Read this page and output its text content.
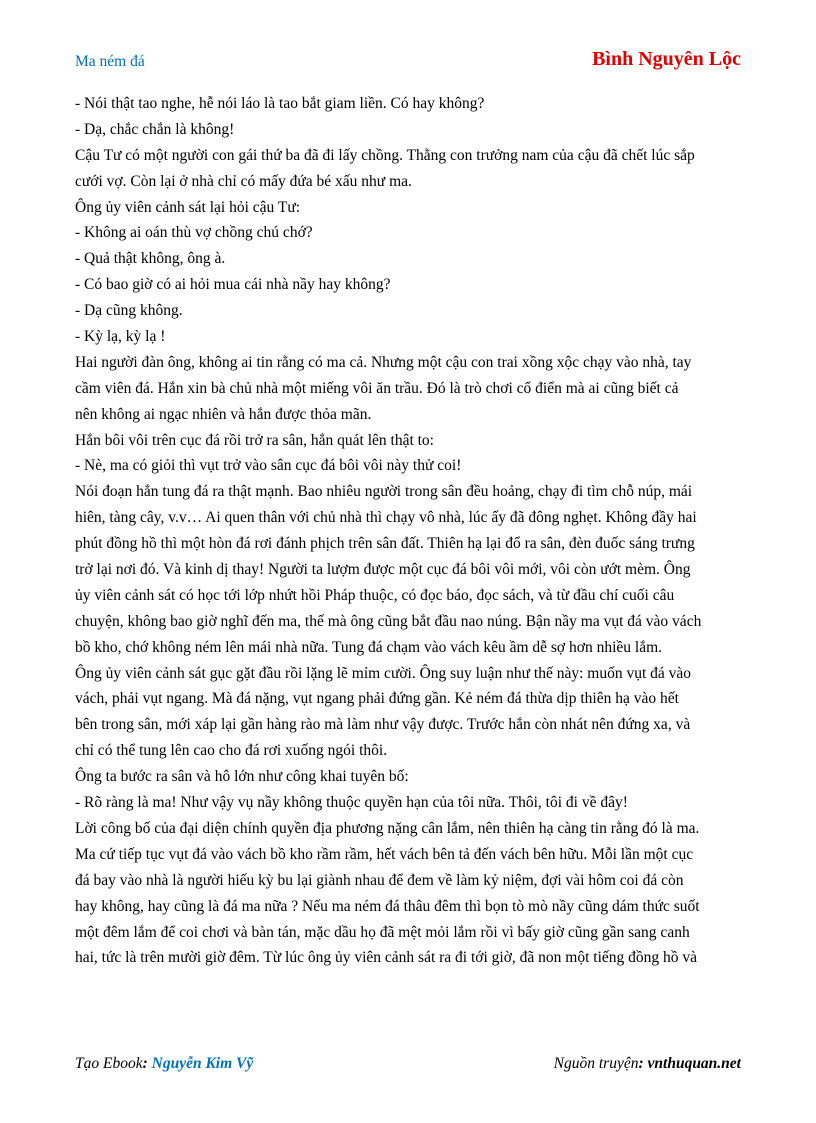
Ma ném đá	Bình Nguyên Lộc
- Nói thật tao nghe, hễ nói láo là tao bắt giam liền. Có hay không?
- Dạ, chắc chắn là không!
Cậu Tư có một người con gái thứ ba đã đi lấy chồng. Thằng con trưởng nam của cậu đã chết lúc sắp
cưới vợ. Còn lại ở nhà chỉ có mấy đứa bé xấu như ma.
Ông ủy viên cảnh sát lại hỏi cậu Tư:
- Không ai oán thù vợ chồng chú chớ?
- Quả thật không, ông à.
- Có bao giờ có ai hỏi mua cái nhà nầy hay không?
- Dạ cũng không.
- Kỳ lạ, kỳ lạ !
Hai người đàn ông, không ai tin rằng có ma cả. Nhưng một cậu con trai xồng xộc chạy vào nhà, tay
cầm viên đá. Hắn xin bà chủ nhà một miếng vôi ăn trầu. Đó là trò chơi cổ điển mà ai cũng biết cả
nên không ai ngạc nhiên và hắn được thỏa mãn.
Hắn bôi vôi trên cục đá rồi trở ra sân, hắn quát lên thật to:
- Nè, ma có giỏi thì vụt trở vào sân cục đá bôi vôi này thử coi!
Nói đoạn hắn tung đá ra thật mạnh. Bao nhiêu người trong sân đều hoảng, chạy đi tìm chỗ núp, mái
hiên, tàng cây, v.v… Ai quen thân với chủ nhà thì chạy vô nhà, lúc ấy đã đông nghẹt. Không đầy hai
phút đồng hồ thì một hòn đá rơi đánh phịch trên sân đất. Thiên hạ lại đổ ra sân, đèn đuốc sáng trưng
trở lại nơi đó. Và kinh dị thay! Người ta lượm được một cục đá bôi vôi mới, vôi còn ướt mèm. Ông
ủy viên cảnh sát có học tới lớp nhứt hồi Pháp thuộc, có đọc báo, đọc sách, và từ đầu chí cuối câu
chuyện, không bao giờ nghĩ đến ma, thế mà ông cũng bắt đầu nao núng. Bận nầy ma vụt đá vào vách
bồ kho, chớ không ném lên mái nhà nữa. Tung đá chạm vào vách kêu ầm dễ sợ hơn nhiều lắm.
Ông ủy viên cảnh sát gục gặt đầu rồi lặng lẽ mỉm cười. Ông suy luận như thế này: muốn vụt đá vào
vách, phải vụt ngang. Mà đá nặng, vụt ngang phải đứng gần. Kẻ ném đá thừa dịp thiên hạ vào hết
bên trong sân, mới xáp lại gần hàng rào mà làm như vậy được. Trước hắn còn nhát nên đứng xa, và
chỉ có thể tung lên cao cho đá rơi xuống ngói thôi.
Ông ta bước ra sân và hô lớn như công khai tuyên bố:
- Rõ ràng là ma! Như vậy vụ nầy không thuộc quyền hạn của tôi nữa. Thôi, tôi đi về đây!
Lời công bố của đại diện chính quyền địa phương nặng cân lắm, nên thiên hạ càng tin rằng đó là ma.
Ma cứ tiếp tục vụt đá vào vách bồ kho rầm rầm, hết vách bên tả đến vách bên hữu. Mỗi lần một cục
đá bay vào nhà là người hiếu kỳ bu lại giành nhau để đem về làm kỷ niệm, đợi vài hôm coi đá còn
hay không, hay cũng là đá ma nữa ? Nếu ma ném đá thâu đêm thì bọn tò mò nầy cũng dám thức suốt
một đêm lắm để coi chơi và bàn tán, mặc dầu họ đã mệt mỏi lắm rồi vì bấy giờ cũng gần sang canh
hai, tức là trên mười giờ đêm. Từ lúc ông ủy viên cảnh sát ra đi tới giờ, đã non một tiếng đồng hồ và
Tạo Ebook: Nguyễn Kim Vỹ	Nguồn truyện: vnthuquan.net
